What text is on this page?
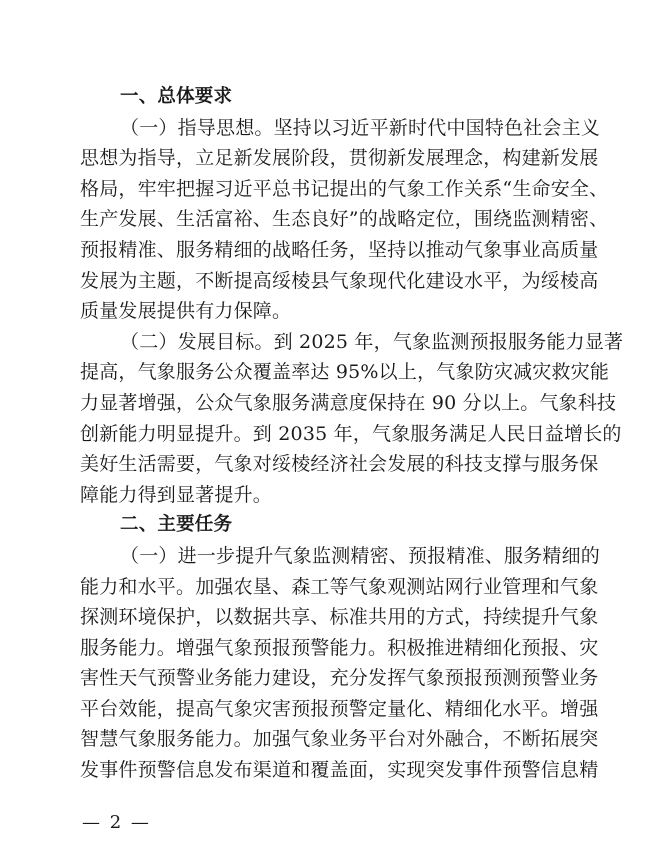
一、总体要求
（一）指导思想。坚持以习近平新时代中国特色社会主义
思想为指导，立足新发展阶段，贯彻新发展理念，构建新发展
格局，牢牢把握习近平总书记提出的气象工作关系“生命安全、
生产发展、生活富裕、生态良好”的战略定位，围绕监测精密、
预报精准、服务精细的战略任务，坚持以推动气象事业高质量
发展为主题，不断提高绥棱县气象现代化建设水平，为绥棱高
质量发展提供有力保障。
（二）发展目标。到 2025 年，气象监测预报服务能力显著
提高，气象服务公众覆盖率达 95%以上，气象防灾减灾救灾能
力显著增强，公众气象服务满意度保持在 90 分以上。气象科技
创新能力明显提升。到 2035 年，气象服务满足人民日益增长的
美好生活需要，气象对绥棱经济社会发展的科技支撑与服务保
障能力得到显著提升。
二、主要任务
（一）进一步提升气象监测精密、预报精准、服务精细的
能力和水平。加强农垦、森工等气象观测站网行业管理和气象
探测环境保护，以数据共享、标准共用的方式，持续提升气象
服务能力。增强气象预报预警能力。积极推进精细化预报、灾
害性天气预警业务能力建设，充分发挥气象预报预测预警业务
平台效能，提高气象灾害预报预警定量化、精细化水平。增强
智慧气象服务能力。加强气象业务平台对外融合，不断拓展突
发事件预警信息发布渠道和覆盖面，实现突发事件预警信息精
— 2 —
